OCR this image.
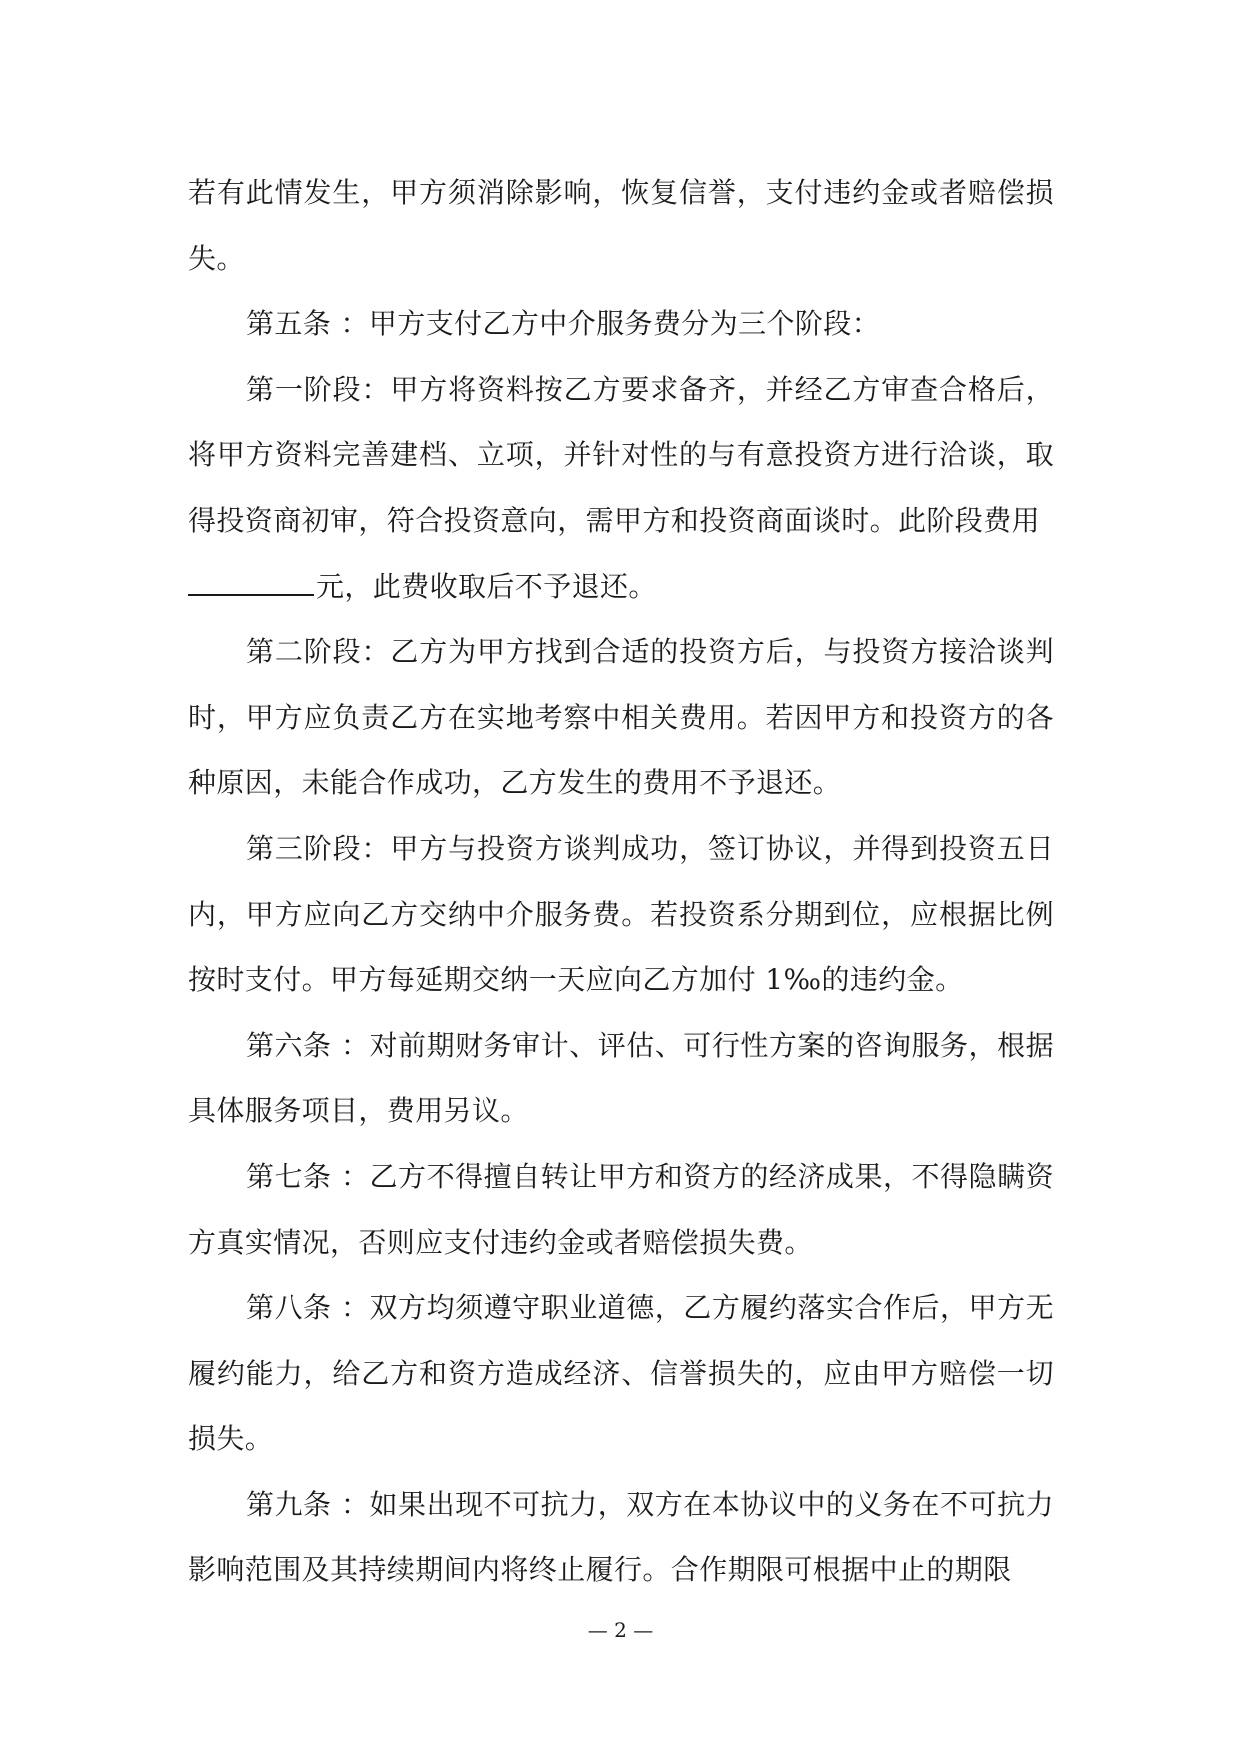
若有此情发生，甲方须消除影响，恢复信誉，支付违约金或者赔偿损失。

第五条 ：甲方支付乙方中介服务费分为三个阶段：

第一阶段：甲方将资料按乙方要求备齐，并经乙方审查合格后，将甲方资料完善建档、立项，并针对性的与有意投资方进行洽谈，取得投资商初审，符合投资意向，需甲方和投资商面谈时。此阶段费用

元，此费收取后不予退还。

第二阶段：乙方为甲方找到合适的投资方后，与投资方接洽谈判时，甲方应负责乙方在实地考察中相关费用。若因甲方和投资方的各种原因，未能合作成功，乙方发生的费用不予退还。

第三阶段：甲方与投资方谈判成功，签订协议，并得到投资五日内，甲方应向乙方交纳中介服务费。若投资系分期到位，应根据比例按时支付。甲方每延期交纳一天应向乙方加付 1‰的违约金。

第六条 ：对前期财务审计、评估、可行性方案的咨询服务，根据具体服务项目，费用另议。

第七条 ：乙方不得擅自转让甲方和资方的经济成果，不得隐瞒资方真实情况，否则应支付违约金或者赔偿损失费。

第八条 ：双方均须遵守职业道德，乙方履约落实合作后，甲方无履约能力，给乙方和资方造成经济、信誉损失的，应由甲方赔偿一切损失。

第九条 ：如果出现不可抗力，双方在本协议中的义务在不可抗力影响范围及其持续期间内将终止履行。合作期限可根据中止的期限

— 2 —
